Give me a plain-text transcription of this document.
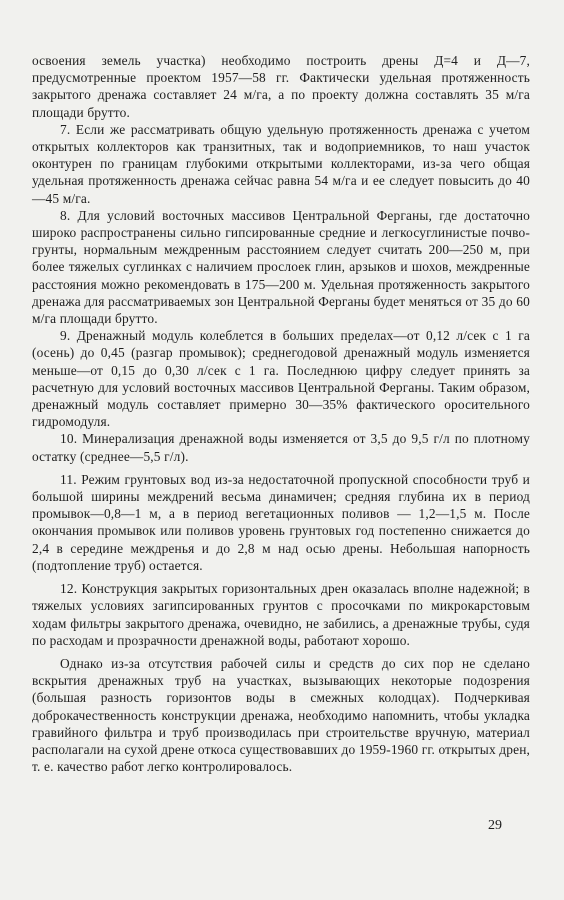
освоения земель участка) необходимо построить дрены Д=4 и Д—7, предусмотренные проектом 1957—58 гг. Фактически удельная протяженность закрытого дренажа составляет 24 м/га, а по проекту должна составлять 35 м/га площади брутто.

7. Если же рассматривать общую удельную протяженность дренажа с учетом открытых коллекторов как транзитных, так и водоприемников, то наш участок оконтурен по границам глубокими открытыми коллекторами, из-за чего общая удельная протяженность дренажа сейчас равна 54 м/га и ее следует повысить до 40—45 м/га.

8. Для условий восточных массивов Центральной Ферганы, где достаточно широко распространены сильно гипсированные средние и легкосуглинистые почво-грунты, нормальным междренным расстоянием следует считать 200—250 м, при более тяжелых суглинках с наличием прослоек глин, арзыков и шохов, междренные расстояния можно рекомендовать в 175—200 м. Удельная протяженность закрытого дренажа для рассматриваемых зон Центральной Ферганы будет меняться от 35 до 60 м/га площади брутто.

9. Дренажный модуль колеблется в больших пределах—от 0,12 л/сек с 1 га (осень) до 0,45 (разгар промывок); среднегодовой дренажный модуль изменяется меньше—от 0,15 до 0,30 л/сек с 1 га. Последнюю цифру следует принять за расчетную для условий восточных массивов Центральной Ферганы. Таким образом, дренажный модуль составляет примерно 30—35% фактического оросительного гидромодуля.

10. Минерализация дренажной воды изменяется от 3,5 до 9,5 г/л по плотному остатку (среднее—5,5 г/л).

11. Режим грунтовых вод из-за недостаточной пропускной способности труб и большой ширины междрений весьма динамичен; средняя глубина их в период промывок—0,8—1 м, а в период вегетационных поливов — 1,2—1,5 м. После окончания промывок или поливов уровень грунтовых год постепенно снижается до 2,4 в середине междренья и до 2,8 м над осью дрены. Небольшая напорность (подтопление труб) остается.

12. Конструкция закрытых горизонтальных дрен оказалась вполне надежной; в тяжелых условиях загипсированных грунтов с просочками по микрокарстовым ходам фильтры закрытого дренажа, очевидно, не забились, а дренажные трубы, судя по расходам и прозрачности дренажной воды, работают хорошо.

Однако из-за отсутствия рабочей силы и средств до сих пор не сделано вскрытия дренажных труб на участках, вызывающих некоторые подозрения (большая разность горизонтов воды в смежных колодцах). Подчеркивая доброкачественность конструкции дренажа, необходимо напомнить, чтобы укладка гравийного фильтра и труб производилась при строительстве вручную, материал располагали на сухой дрене откоса существовавших до 1959-1960 гг. открытых дрен, т. е. качество работ легко контролировалось.

29
